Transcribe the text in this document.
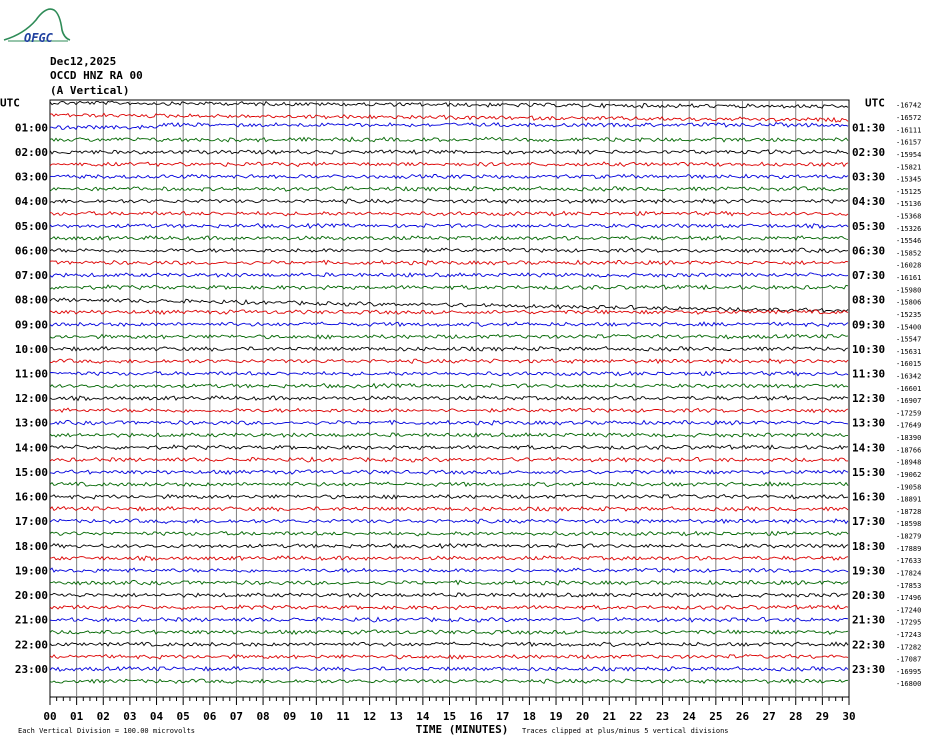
OFGC
Dec12,2025
OCCD HNZ RA 00
(A Vertical)
UTC	UTC
01:00
02:00
03:00
04:00
05:00
06:00
07:00
08:00
09:00
10:00
11:00
12:00
13:00
14:00
15:00
16:00
17:00
18:00
19:00
20:00
21:00
22:00
23:00
01:30
02:30
03:30
04:30
05:30
06:30
07:30
08:30
09:30
10:30
11:30
12:30
13:30
14:30
15:30
16:30
17:30
18:30
19:30
20:30
21:30
22:30
23:30
-16742
-16572
-16111
-16157
-15954
-15821
-15345
-15125
-15136
-15368
-15326
-15546
-15852
-16028
-16161
-15980
-15806
-15235
-15400
-15547
-15631
-16015
-16342
-16601
-16907
-17259
-17649
-18390
-18766
-18948
-19062
-19058
-18891
-18728
-18598
-18279
-17889
-17633
-17824
-17853
-17496
-17240
-17295
-17243
-17282
-17087
-16995
-16800
00 01 02 03 04 05 06 07 08 09 10 11 12 13 14 15 16 17 18 19 20 21 22 23 24 25 26 27 28 29 30
Each Vertical Division = 100.00 microvolts	TIME (MINUTES) Traces clipped at plus/minus 5 vertical divisions
